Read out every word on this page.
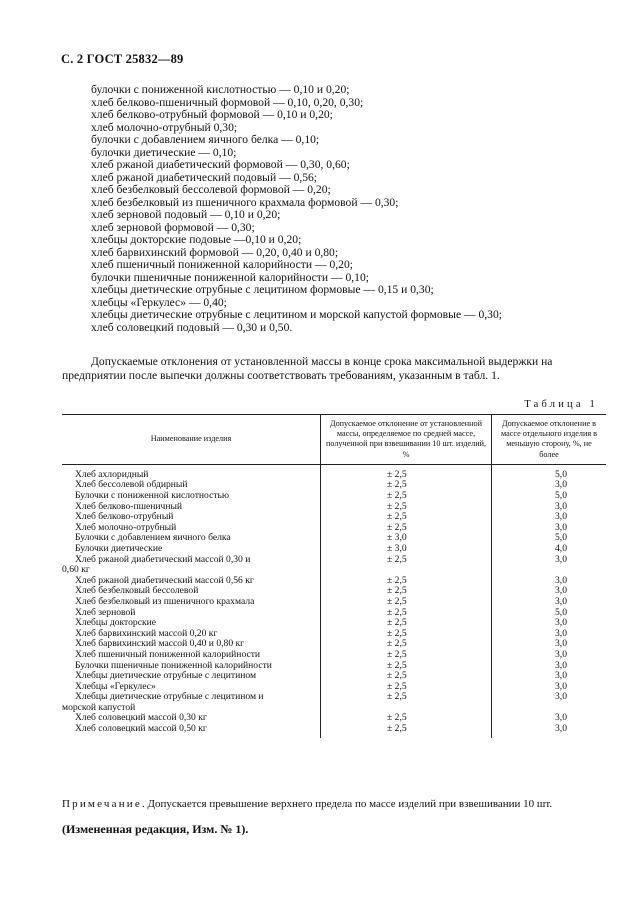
С. 2 ГОСТ 25832—89
булочки с пониженной кислотностью — 0,10 и 0,20;
хлеб белково-пшеничный формовой — 0,10, 0,20, 0,30;
хлеб белково-отрубный формовой — 0,10 и 0,20;
хлеб молочно-отрубный 0,30;
булочки с добавлением яичного белка — 0,10;
булочки диетические — 0,10;
хлеб ржаной диабетический формовой — 0,30, 0,60;
хлеб ржаной диабетический подовый — 0,56;
хлеб безбелковый бессолевой формовой — 0,20;
хлеб безбелковый из пшеничного крахмала формовой — 0,30;
хлеб зерновой подовый — 0,10 и 0,20;
хлеб зерновой формовой — 0,30;
хлебцы докторские подовые —0,10 и 0,20;
хлеб барвихинский формовой — 0,20, 0,40 и 0,80;
хлеб пшеничный пониженной калорийности — 0,20;
булочки пшеничные пониженной калорийности — 0,10;
хлебцы диетические отрубные с лецитином формовые — 0,15 и 0,30;
хлебцы «Геркулес» — 0,40;
хлебцы диетические отрубные с лецитином и морской капустой формовые — 0,30;
хлеб соловецкий подовый — 0,30 и 0,50.
Допускаемые отклонения от установленной массы в конце срока максимальной выдержки на
предприятии после выпечки должны соответствовать требованиям, указанным в табл. 1.
Таблица 1
Наименование изделия	Допускаемое отклонение от установленной массы, определяемое по средней массе, полученной при взвешивании 10 шт. изделий, %	Допускаемое отклонение в массе отдельного изделия в меньшую сторону, %, не более
Хлеб ахлоридный	± 2,5	5,0
Хлеб бессолевой обдирный	± 2,5	3,0
Булочки с пониженной кислотностью	± 2,5	5,0
Хлеб белково-пшеничный	± 2,5	3,0
Хлеб белково-отрубный	± 2,5	3,0
Хлеб молочно-отрубный	± 2,5	3,0
Булочки с добавлением яичного белка	± 3,0	5,0
Булочки диетические	± 3,0	4,0
Хлеб ржаной диабетический массой 0,30 и
0,60 кг	± 2,5	3,0
Хлеб ржаной диабетический массой 0,56 кг	± 2,5	3,0
Хлеб безбелковый бессолевой	± 2,5	3,0
Хлеб безбелковый из пшеничного крахмала	± 2,5	3,0
Хлеб зерновой	± 2,5	5,0
Хлебцы докторские	± 2,5	3,0
Хлеб барвихинский массой 0,20 кг	± 2,5	3,0
Хлеб барвихинский массой 0,40 и 0,80 кг	± 2,5	3,0
Хлеб пшеничный пониженной калорийности	± 2,5	3,0
Булочки пшеничные пониженной калорийности	± 2,5	3,0
Хлебцы диетические отрубные с лецитином	± 2,5	3,0
Хлебцы «Геркулес»	± 2,5	3,0
Хлебцы диетические отрубные с лецитином и
морской капустой	± 2,5	3,0
Хлеб соловецкий массой 0,30 кг	± 2,5	3,0
Хлеб соловецкий массой 0,50 кг	± 2,5	3,0
Примечание. Допускается превышение верхнего предела по массе изделий при взвешивании 10 шт.
(Измененная редакция, Изм. № 1).
